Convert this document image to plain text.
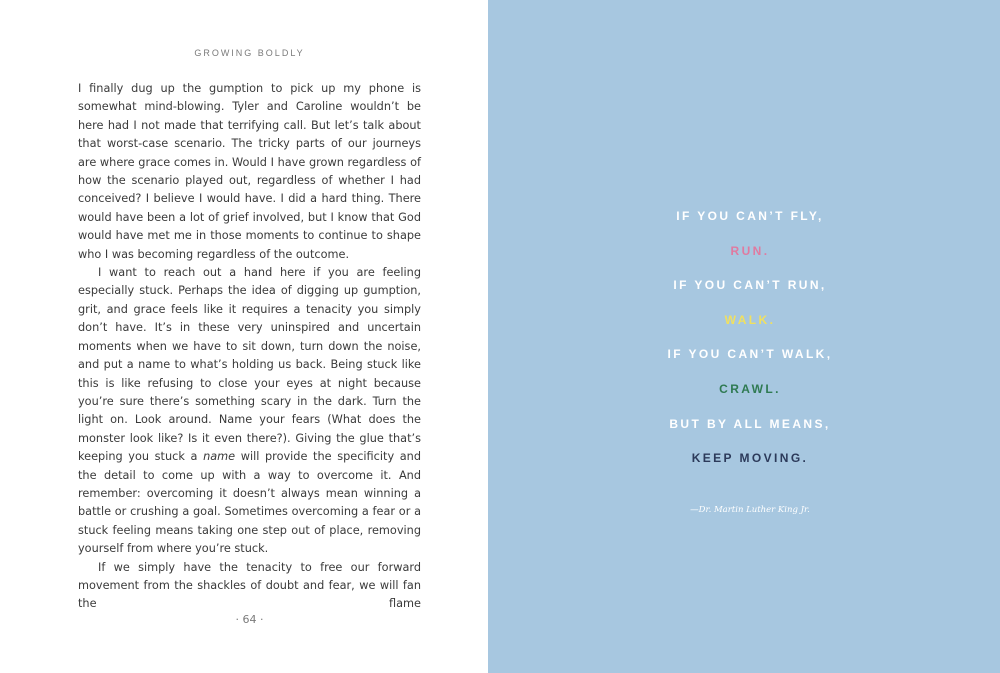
GROWING BOLDLY

I finally dug up the gumption to pick up my phone is somewhat mind-blowing. Tyler and Caroline wouldn’t be here had I not made that terrifying call. But let’s talk about that worst-case scenario. The tricky parts of our journeys are where grace comes in. Would I have grown regardless of how the scenario played out, regardless of whether I had conceived? I believe I would have. I did a hard thing. There would have been a lot of grief involved, but I know that God would have met me in those moments to continue to shape who I was becoming regardless of the outcome.

I want to reach out a hand here if you are feeling especially stuck. Perhaps the idea of digging up gumption, grit, and grace feels like it requires a tenacity you simply don’t have. It’s in these very uninspired and uncertain moments when we have to sit down, turn down the noise, and put a name to what’s holding us back. Being stuck like this is like refusing to close your eyes at night because you’re sure there’s something scary in the dark. Turn the light on. Look around. Name your fears (What does the monster look like? Is it even there?). Giving the glue that’s keeping you stuck a name will provide the specificity and the detail to come up with a way to overcome it. And remember: overcoming it doesn’t always mean winning a battle or crushing a goal. Sometimes overcoming a fear or a stuck feeling means taking one step out of place, removing yourself from where you’re stuck.

If we simply have the tenacity to free our forward movement from the shackles of doubt and fear, we will fan the flame

· 64 ·
IF YOU CAN’T FLY,
RUN.
IF YOU CAN’T RUN,
WALK.
IF YOU CAN’T WALK,
CRAWL.
BUT BY ALL MEANS,
KEEP MOVING.
—Dr. Martin Luther King Jr.
